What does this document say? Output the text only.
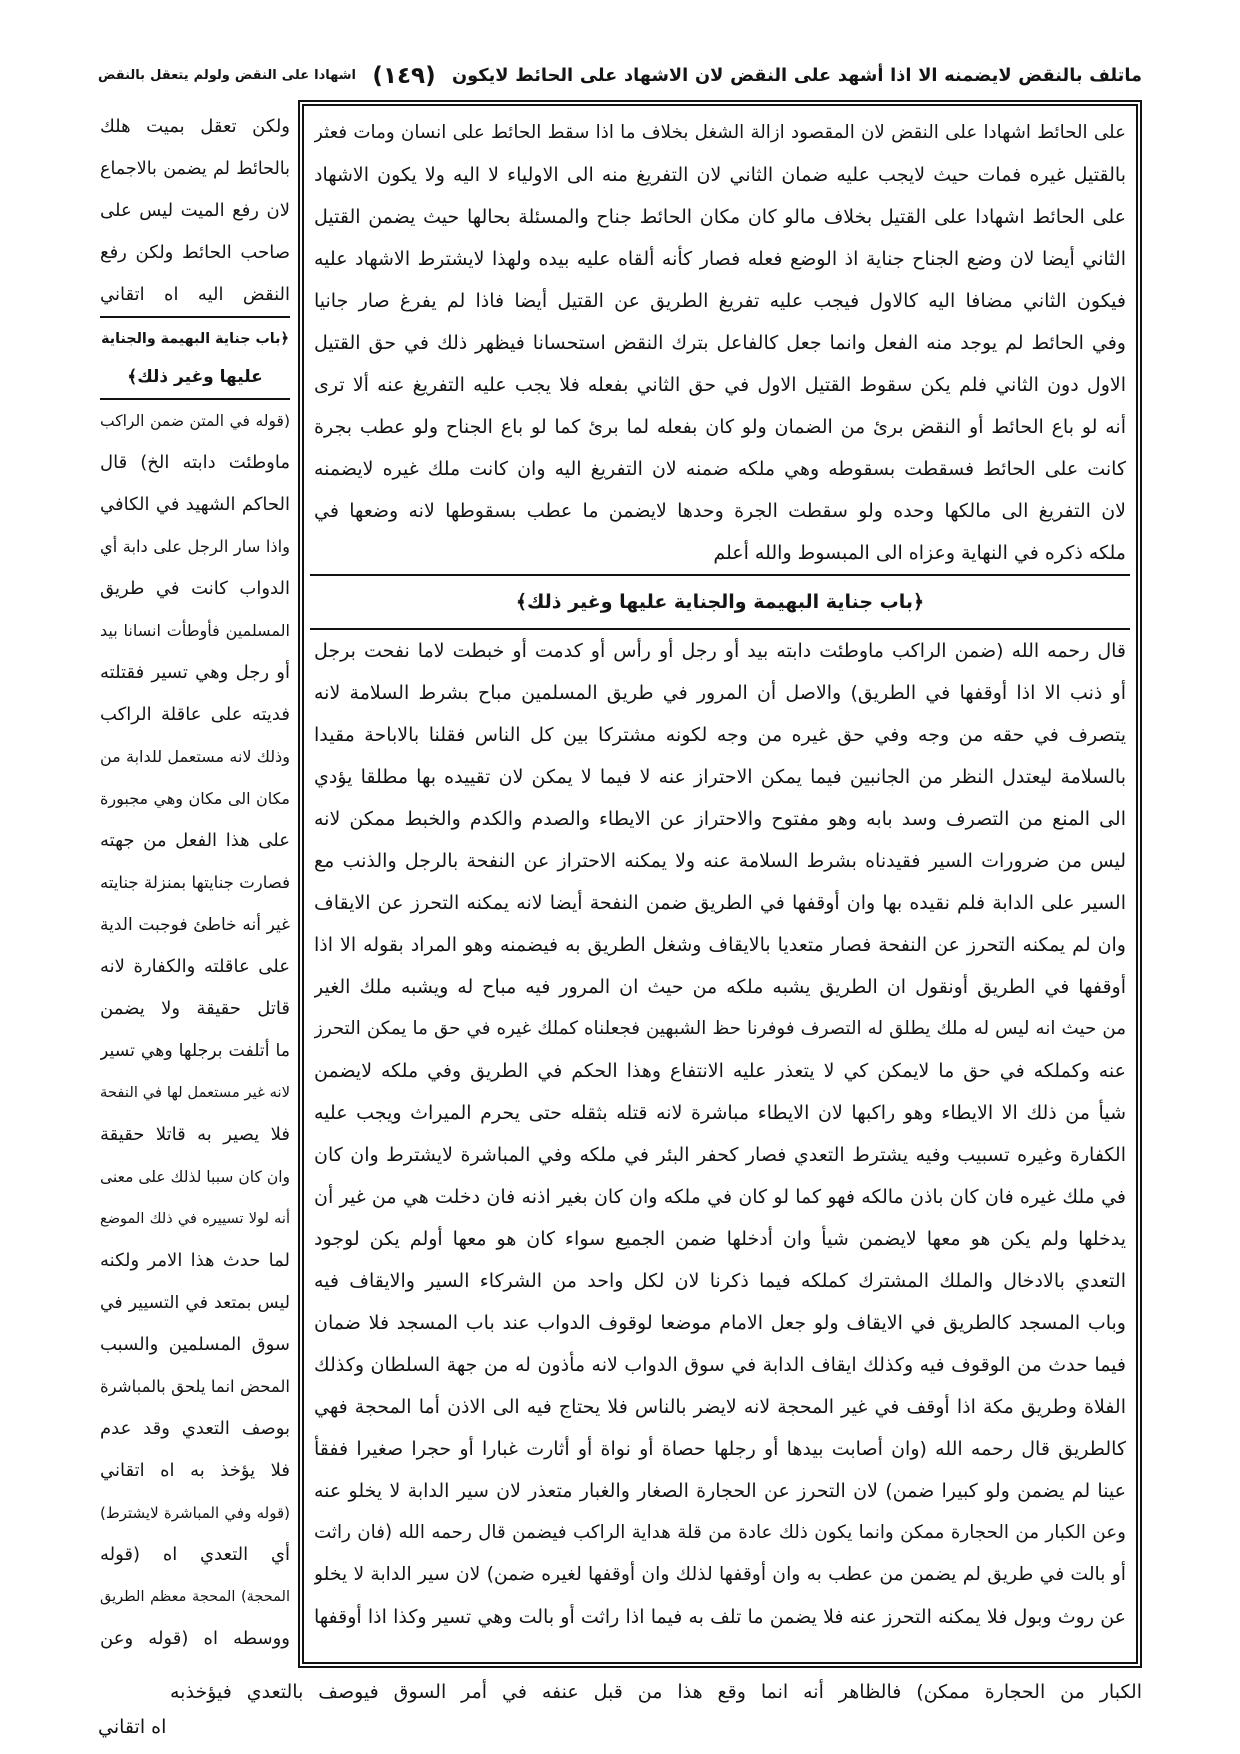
ماتلف بالنقض لايضمنه الا اذا أشهد على النقض لان الاشهاد على الحائط لايكون
(١٤٩)
اشهادا على النقض ولولم يتعقل بالنقض
على الحائط اشهادا على النقض لان المقصود ازالة الشغل بخلاف ما اذا سقط الحائط على انسان ومات فعثر
بالقتيل غيره فمات حيث لايجب عليه ضمان الثاني لان التفريغ منه الى الاولياء لا اليه ولا يكون الاشهاد
على الحائط اشهادا على القتيل بخلاف مالو كان مكان الحائط جناح والمسئلة بحالها حيث يضمن القتيل
الثاني أيضا لان وضع الجناح جناية اذ الوضع فعله فصار كأنه ألقاه عليه بيده ولهذا لايشترط الاشهاد عليه
فيكون الثاني مضافا اليه كالاول فيجب عليه تفريغ الطريق عن القتيل أيضا فاذا لم يفرغ صار جانيا
وفي الحائط لم يوجد منه الفعل وانما جعل كالفاعل بترك النقض استحسانا فيظهر ذلك في حق القتيل
الاول دون الثاني فلم يكن سقوط القتيل الاول في حق الثاني بفعله فلا يجب عليه التفريغ عنه ألا ترى
أنه لو باع الحائط أو النقض برئ من الضمان ولو كان بفعله لما برئ كما لو باع الجناح ولو عطب بجرة
كانت على الحائط فسقطت بسقوطه وهي ملكه ضمنه لان التفريغ اليه وان كانت ملك غيره لايضمنه
لان التفريغ الى مالكها وحده ولو سقطت الجرة وحدها لايضمن ما عطب بسقوطها لانه وضعها في
ملكه ذكره في النهاية وعزاه الى المبسوط والله أعلم
﴿باب جناية البهيمة والجناية عليها وغير ذلك﴾
قال رحمه الله (ضمن الراكب ماوطئت دابته بيد أو رجل أو رأس أو كدمت أو خبطت لاما نفحت برجل
أو ذنب الا اذا أوقفها في الطريق) والاصل أن المرور في طريق المسلمين مباح بشرط السلامة لانه
يتصرف في حقه من وجه وفي حق غيره من وجه لكونه مشتركا بين كل الناس فقلنا بالاباحة مقيدا
بالسلامة ليعتدل النظر من الجانبين فيما يمكن الاحتراز عنه لا فيما لا يمكن لان تقييده بها مطلقا يؤدي
الى المنع من التصرف وسد بابه وهو مفتوح والاحتراز عن الايطاء والصدم والكدم والخبط ممكن لانه
ليس من ضرورات السير فقيدناه بشرط السلامة عنه ولا يمكنه الاحتراز عن النفحة بالرجل والذنب مع
السير على الدابة فلم نقيده بها وان أوقفها في الطريق ضمن النفحة أيضا لانه يمكنه التحرز عن الايقاف
وان لم يمكنه التحرز عن النفحة فصار متعديا بالايقاف وشغل الطريق به فيضمنه وهو المراد بقوله الا اذا
أوقفها في الطريق أونقول ان الطريق يشبه ملكه من حيث ان المرور فيه مباح له ويشبه ملك الغير
من حيث انه ليس له ملك يطلق له التصرف فوفرنا حظ الشبهين فجعلناه كملك غيره في حق ما يمكن التحرز
عنه وكملكه في حق ما لايمكن كي لا يتعذر عليه الانتفاع وهذا الحكم في الطريق وفي ملكه لايضمن
شيأ من ذلك الا الايطاء وهو راكبها لان الايطاء مباشرة لانه قتله بثقله حتى يحرم الميراث ويجب عليه
الكفارة وغيره تسبيب وفيه يشترط التعدي فصار كحفر البئر في ملكه وفي المباشرة لايشترط وان كان
في ملك غيره فان كان باذن مالكه فهو كما لو كان في ملكه وان كان بغير اذنه فان دخلت هي من غير أن
يدخلها ولم يكن هو معها لايضمن شيأ وان أدخلها ضمن الجميع سواء كان هو معها أولم يكن لوجود
التعدي بالادخال والملك المشترك كملكه فيما ذكرنا لان لكل واحد من الشركاء السير والايقاف فيه
وباب المسجد كالطريق في الايقاف ولو جعل الامام موضعا لوقوف الدواب عند باب المسجد فلا ضمان
فيما حدث من الوقوف فيه وكذلك ايقاف الدابة في سوق الدواب لانه مأذون له من جهة السلطان وكذلك
الفلاة وطريق مكة اذا أوقف في غير المحجة لانه لايضر بالناس فلا يحتاج فيه الى الاذن أما المحجة فهي
كالطريق قال رحمه الله (وان أصابت بيدها أو رجلها حصاة أو نواة أو أثارت غبارا أو حجرا صغيرا ففقأ
عينا لم يضمن ولو كبيرا ضمن) لان التحرز عن الحجارة الصغار والغبار متعذر لان سير الدابة لا يخلو عنه
وعن الكبار من الحجارة ممكن وانما يكون ذلك عادة من قلة هداية الراكب فيضمن قال رحمه الله (فان راثت
أو بالت في طريق لم يضمن من عطب به وان أوقفها لذلك وان أوقفها لغيره ضمن) لان سير الدابة لا يخلو
عن روث وبول فلا يمكنه التحرز عنه فلا يضمن ما تلف به فيما اذا راثت أو بالت وهي تسير وكذا اذا أوقفها
ولكن تعقل بميت هلك
بالحائط لم يضمن بالاجماع
لان رفع الميت ليس على
صاحب الحائط ولكن رفع
النقض اليه اه اتقاني
﴿باب جناية البهيمة والجناية
عليها وغير ذلك﴾
(قوله في المتن ضمن الراكب
ماوطئت دابته الخ) قال
الحاكم الشهيد في الكافي
واذا سار الرجل على دابة أي
الدواب كانت في طريق
المسلمين فأوطأت انسانا بيد
أو رجل وهي تسير فقتلته
فديته على عاقلة الراكب
وذلك لانه مستعمل للدابة من
مكان الى مكان وهي مجبورة
على هذا الفعل من جهته
فصارت جنايتها بمنزلة جنايته
غير أنه خاطئ فوجبت الدية
على عاقلته والكفارة لانه
قاتل حقيقة ولا يضمن
ما أتلفت برجلها وهي تسير
لانه غير مستعمل لها في النفحة
فلا يصير به قاتلا حقيقة
وان كان سببا لذلك على معنى
أنه لولا تسييره في ذلك الموضع
لما حدث هذا الامر ولكنه
ليس بمتعد في التسيير في
سوق المسلمين والسبب
المحض انما يلحق بالمباشرة
بوصف التعدي وقد عدم
فلا يؤخذ به اه اتقاني
(قوله وفي المباشرة لايشترط)
أي التعدي اه (قوله
المحجة) المحجة معظم الطريق
ووسطه اه (قوله وعن
الكبار من الحجارة ممكن) فالظاهر أنه انما وقع هذا من قبل عنفه في أمر السوق فيوصف بالتعدي فيؤخذبه
اه اتقاني
